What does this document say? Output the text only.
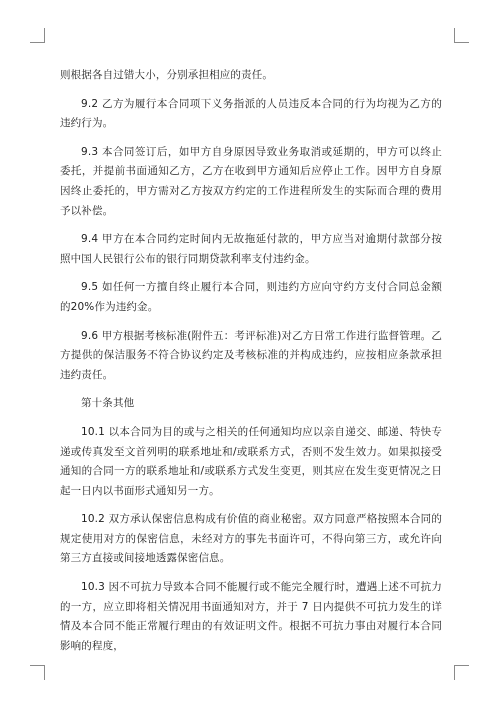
则根据各自过错大小，分别承担相应的责任。

9.2 乙方为履行本合同项下义务指派的人员违反本合同的行为均视为乙方的违约行为。

9.3 本合同签订后，如甲方自身原因导致业务取消或延期的，甲方可以终止委托，并提前书面通知乙方，乙方在收到甲方通知后应停止工作。因甲方自身原因终止委托的，甲方需对乙方按双方约定的工作进程所发生的实际而合理的费用予以补偿。

9.4 甲方在本合同约定时间内无故拖延付款的，甲方应当对逾期付款部分按照中国人民银行公布的银行同期贷款利率支付违约金。

9.5 如任何一方擅自终止履行本合同，则违约方应向守约方支付合同总金额的20%作为违约金。

9.6 甲方根据考核标准(附件五：考评标准)对乙方日常工作进行监督管理。乙方提供的保洁服务不符合协议约定及考核标准的并构成违约，应按相应条款承担违约责任。

第十条其他

10.1 以本合同为目的或与之相关的任何通知均应以亲自递交、邮递、特快专递或传真发至文首列明的联系地址和/或联系方式，否则不发生效力。如果拟接受通知的合同一方的联系地址和/或联系方式发生变更，则其应在发生变更情况之日起一日内以书面形式通知另一方。

10.2 双方承认保密信息构成有价值的商业秘密。双方同意严格按照本合同的规定使用对方的保密信息，未经对方的事先书面许可，不得向第三方，或允许向第三方直接或间接地透露保密信息。

10.3 因不可抗力导致本合同不能履行或不能完全履行时，遭遇上述不可抗力的一方，应立即将相关情况用书面通知对方，并于 7 日内提供不可抗力发生的详情及本合同不能正常履行理由的有效证明文件。根据不可抗力事由对履行本合同影响的程度，
